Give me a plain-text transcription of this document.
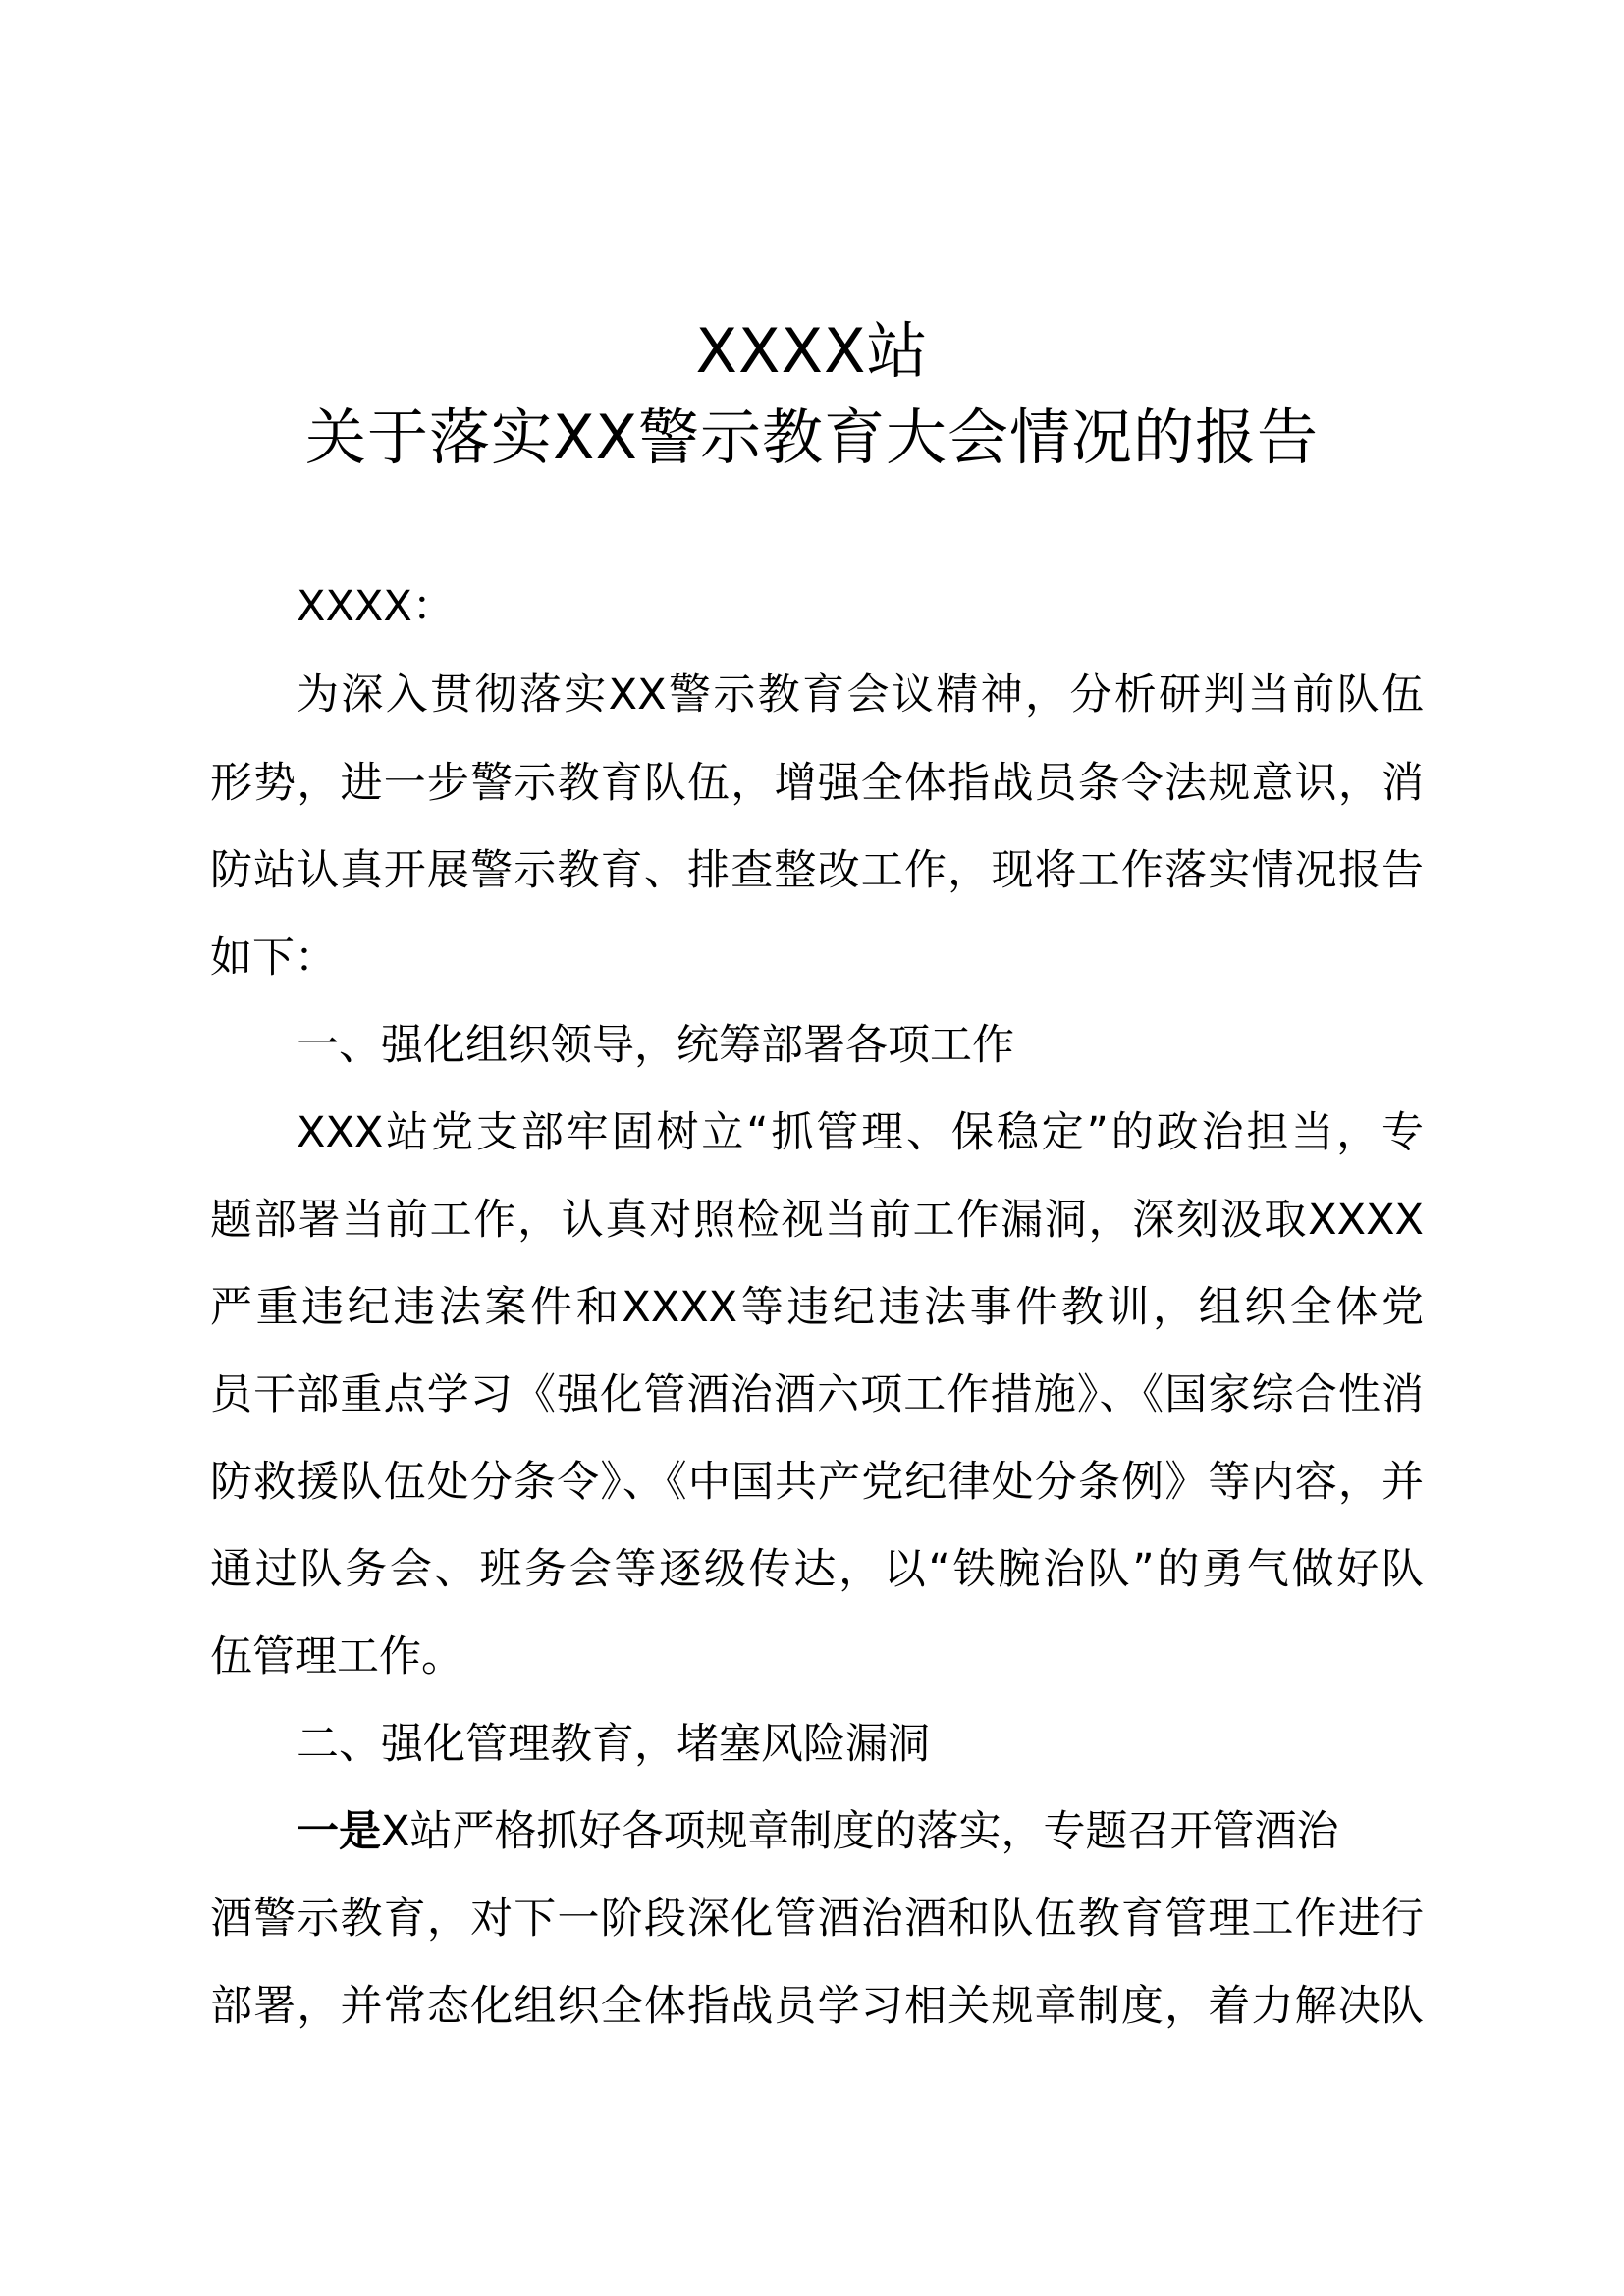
XXXX站
关于落实XX警示教育大会情况的报告
XXXX：
为深入贯彻落实XX警示教育会议精神，分析研判当前队伍
形势，进一步警示教育队伍，增强全体指战员条令法规意识，消
防站认真开展警示教育、排查整改工作，现将工作落实情况报告
如下：
一、强化组织领导，统筹部署各项工作
XXX站党支部牢固树立“抓管理、保稳定”的政治担当，专
题部署当前工作，认真对照检视当前工作漏洞，深刻汲取XXXX
严重违纪违法案件和XXXX等违纪违法事件教训，组织全体党
员干部重点学习《强化管酒治酒六项工作措施》、《国家综合性消
防救援队伍处分条令》、《中国共产党纪律处分条例》等内容，并
通过队务会、班务会等逐级传达，以“铁腕治队”的勇气做好队
伍管理工作。
二、强化管理教育，堵塞风险漏洞
一是X站严格抓好各项规章制度的落实，专题召开管酒治
酒警示教育，对下一阶段深化管酒治酒和队伍教育管理工作进行
部署，并常态化组织全体指战员学习相关规章制度，着力解决队
